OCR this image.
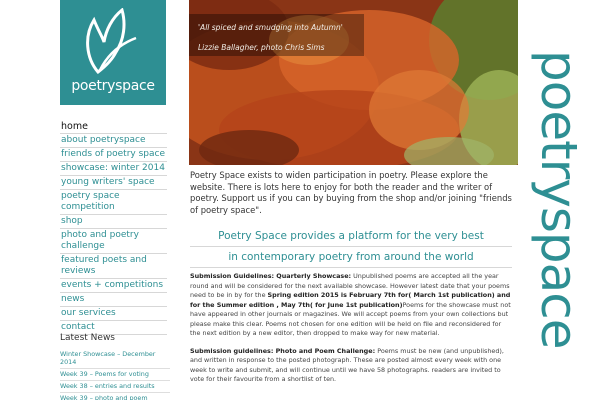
poetryspace
home
about poetryspace
friends of poetry space
showcase: winter 2014
young writers' space
poetry space competition
shop
photo and poetry challenge
featured poets and reviews
events + competitions
news
our services
contact
Latest News
Winter Showcase – December 2014
Week 39 – Poems for voting
Week 38 – entries and results
Week 39 – photo and poem
'All spiced and smudging into Autumn'
Lizzie Ballagher, photo Chris Sims
poetryspace
Poetry Space exists to widen participation in poetry. Please explore the website. There is lots here to enjoy for both the reader and the writer of poetry. Support us if you can by buying from the shop and/or joining "friends of poetry space".
Poetry Space provides a platform for the very best
in contemporary poetry from around the world

Submission Guidelines: Quarterly Showcase: Unpublished poems are accepted all the year round and will be considered for the next available showcase. However latest date that your poems need to be in by for the Spring edition 2015 is February 7th for( March 1st publication) and for the Summer edition , May 7th( for June 1st publication)Poems for the showcase must not have appeared in other journals or magazines. We will accept poems from your own collections but please make this clear. Poems not chosen for one edition will be held on file and reconsidered for the next edition by a new editor, then dropped to make way for new material.

Submission guidelines: Photo and Poem Challenge: Poems must be new (and unpublished), and written in response to the posted photograph. These are posted almost every week with one week to write and submit, and will continue until we have 58 photographs. readers are invited to vote for their favourite from a shortlist of ten.
